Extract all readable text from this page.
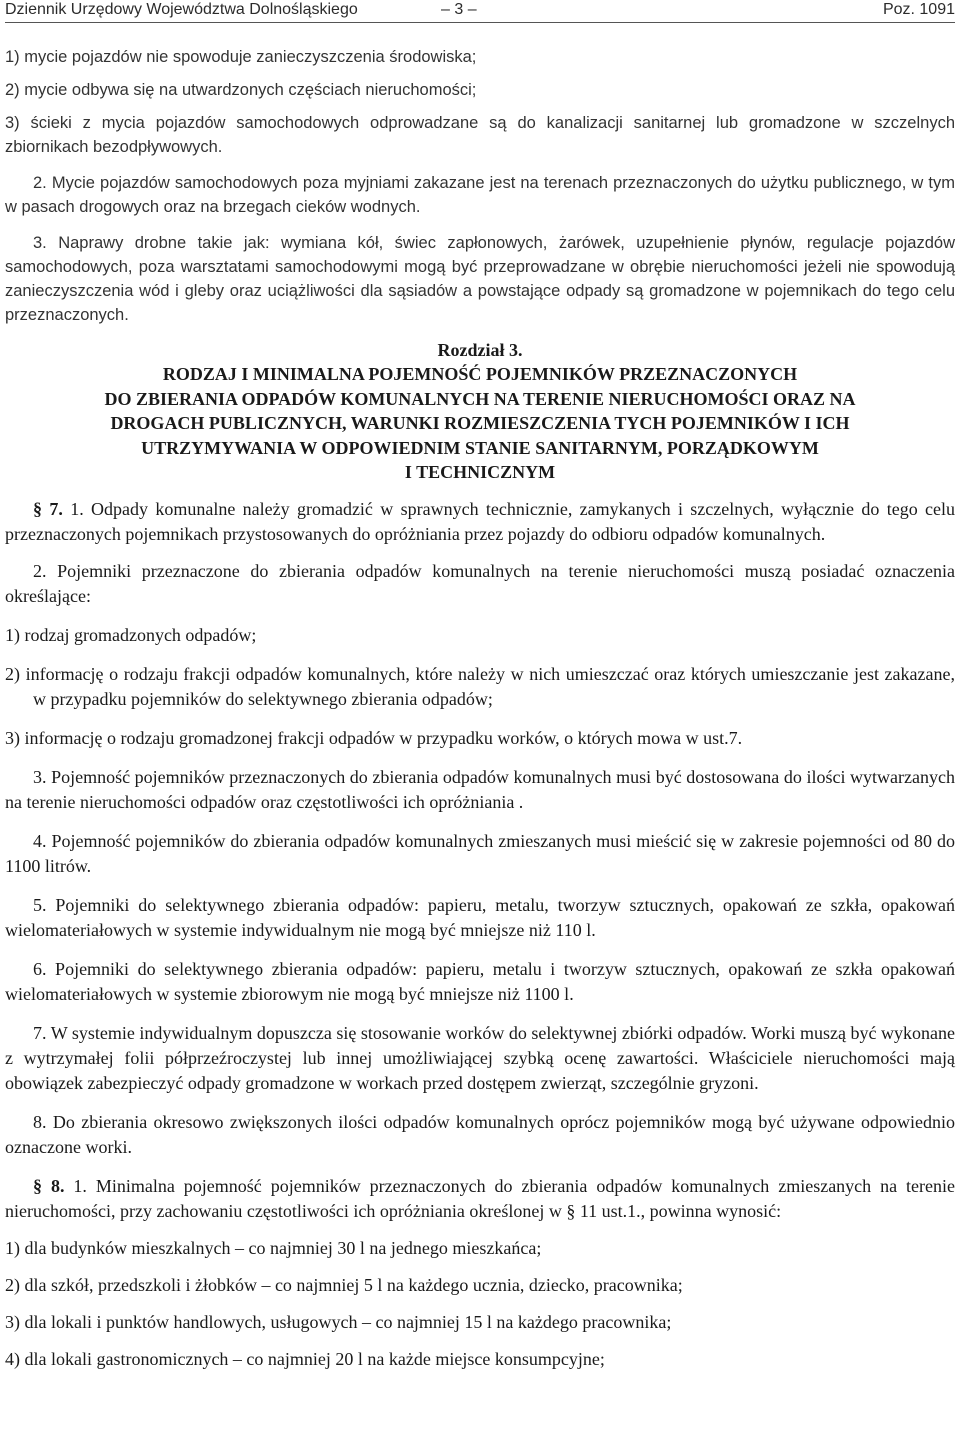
Dziennik Urzędowy Województwa Dolnośląskiego	– 3 –	Poz. 1091

1) mycie pojazdów nie spowoduje zanieczyszczenia środowiska;

2) mycie odbywa się na utwardzonych częściach nieruchomości;

3) ścieki z mycia pojazdów samochodowych odprowadzane są do kanalizacji sanitarnej lub gromadzone w szczelnych zbiornikach bezodpływowych.

2. Mycie pojazdów samochodowych poza myjniami zakazane jest na terenach przeznaczonych do użytku publicznego, w tym w pasach drogowych oraz na brzegach cieków wodnych.

3. Naprawy drobne takie jak: wymiana kół, świec zapłonowych, żarówek, uzupełnienie płynów, regulacje pojazdów samochodowych, poza warsztatami samochodowymi mogą być przeprowadzane w obrębie nieruchomości jeżeli nie spowodują zanieczyszczenia wód i gleby oraz uciążliwości dla sąsiadów a powstające odpady są gromadzone w pojemnikach do tego celu przeznaczonych.

Rozdział 3.

RODZAJ I MINIMALNA POJEMNOŚĆ POJEMNIKÓW PRZEZNACZONYCH

DO ZBIERANIA ODPADÓW KOMUNALNYCH NA TERENIE NIERUCHOMOŚCI ORAZ NA

DROGACH PUBLICZNYCH, WARUNKI ROZMIESZCZENIA TYCH POJEMNIKÓW I ICH

UTRZYMYWANIA W ODPOWIEDNIM STANIE SANITARNYM, PORZĄDKOWYM

I TECHNICZNYM

§ 7. 1. Odpady komunalne należy gromadzić w sprawnych technicznie, zamykanych i szczelnych, wyłącznie do tego celu przeznaczonych pojemnikach przystosowanych do opróżniania przez pojazdy do odbioru odpadów komunalnych.

2. Pojemniki przeznaczone do zbierania odpadów komunalnych na terenie nieruchomości muszą posiadać oznaczenia określające:

1) rodzaj gromadzonych odpadów;

2) informację o rodzaju frakcji odpadów komunalnych, które należy w nich umieszczać oraz których umieszczanie jest zakazane, w przypadku pojemników do selektywnego zbierania odpadów;

3) informację o rodzaju gromadzonej frakcji odpadów w przypadku worków, o których mowa w ust.7.

3. Pojemność pojemników przeznaczonych do zbierania odpadów komunalnych musi być dostosowana do ilości wytwarzanych na terenie nieruchomości odpadów oraz częstotliwości ich opróżniania .

4. Pojemność pojemników do zbierania odpadów komunalnych zmieszanych musi mieścić się w zakresie pojemności od 80 do 1100 litrów.

5. Pojemniki do selektywnego zbierania odpadów: papieru, metalu, tworzyw sztucznych, opakowań ze szkła, opakowań wielomateriałowych w systemie indywidualnym nie mogą być mniejsze niż 110 l.

6. Pojemniki do selektywnego zbierania odpadów: papieru, metalu i tworzyw sztucznych, opakowań ze szkła opakowań wielomateriałowych w systemie zbiorowym nie mogą być mniejsze niż 1100 l.

7. W systemie indywidualnym dopuszcza się stosowanie worków do selektywnej zbiórki odpadów. Worki muszą być wykonane z wytrzymałej folii półprzeźroczystej lub innej umożliwiającej szybką ocenę zawartości. Właściciele nieruchomości mają obowiązek zabezpieczyć odpady gromadzone w workach przed dostępem zwierząt, szczególnie gryzoni.

8. Do zbierania okresowo zwiększonych ilości odpadów komunalnych oprócz pojemników mogą być używane odpowiednio oznaczone worki.

§ 8. 1. Minimalna pojemność pojemników przeznaczonych do zbierania odpadów komunalnych zmieszanych na terenie nieruchomości, przy zachowaniu częstotliwości ich opróżniania określonej w § 11 ust.1., powinna wynosić:

1) dla budynków mieszkalnych – co najmniej 30 l na jednego mieszkańca;

2) dla szkół, przedszkoli i żłobków – co najmniej 5 l na każdego ucznia, dziecko, pracownika;

3) dla lokali i punktów handlowych, usługowych – co najmniej 15 l na każdego pracownika;

4) dla lokali gastronomicznych – co najmniej 20 l na każde miejsce konsumpcyjne;
